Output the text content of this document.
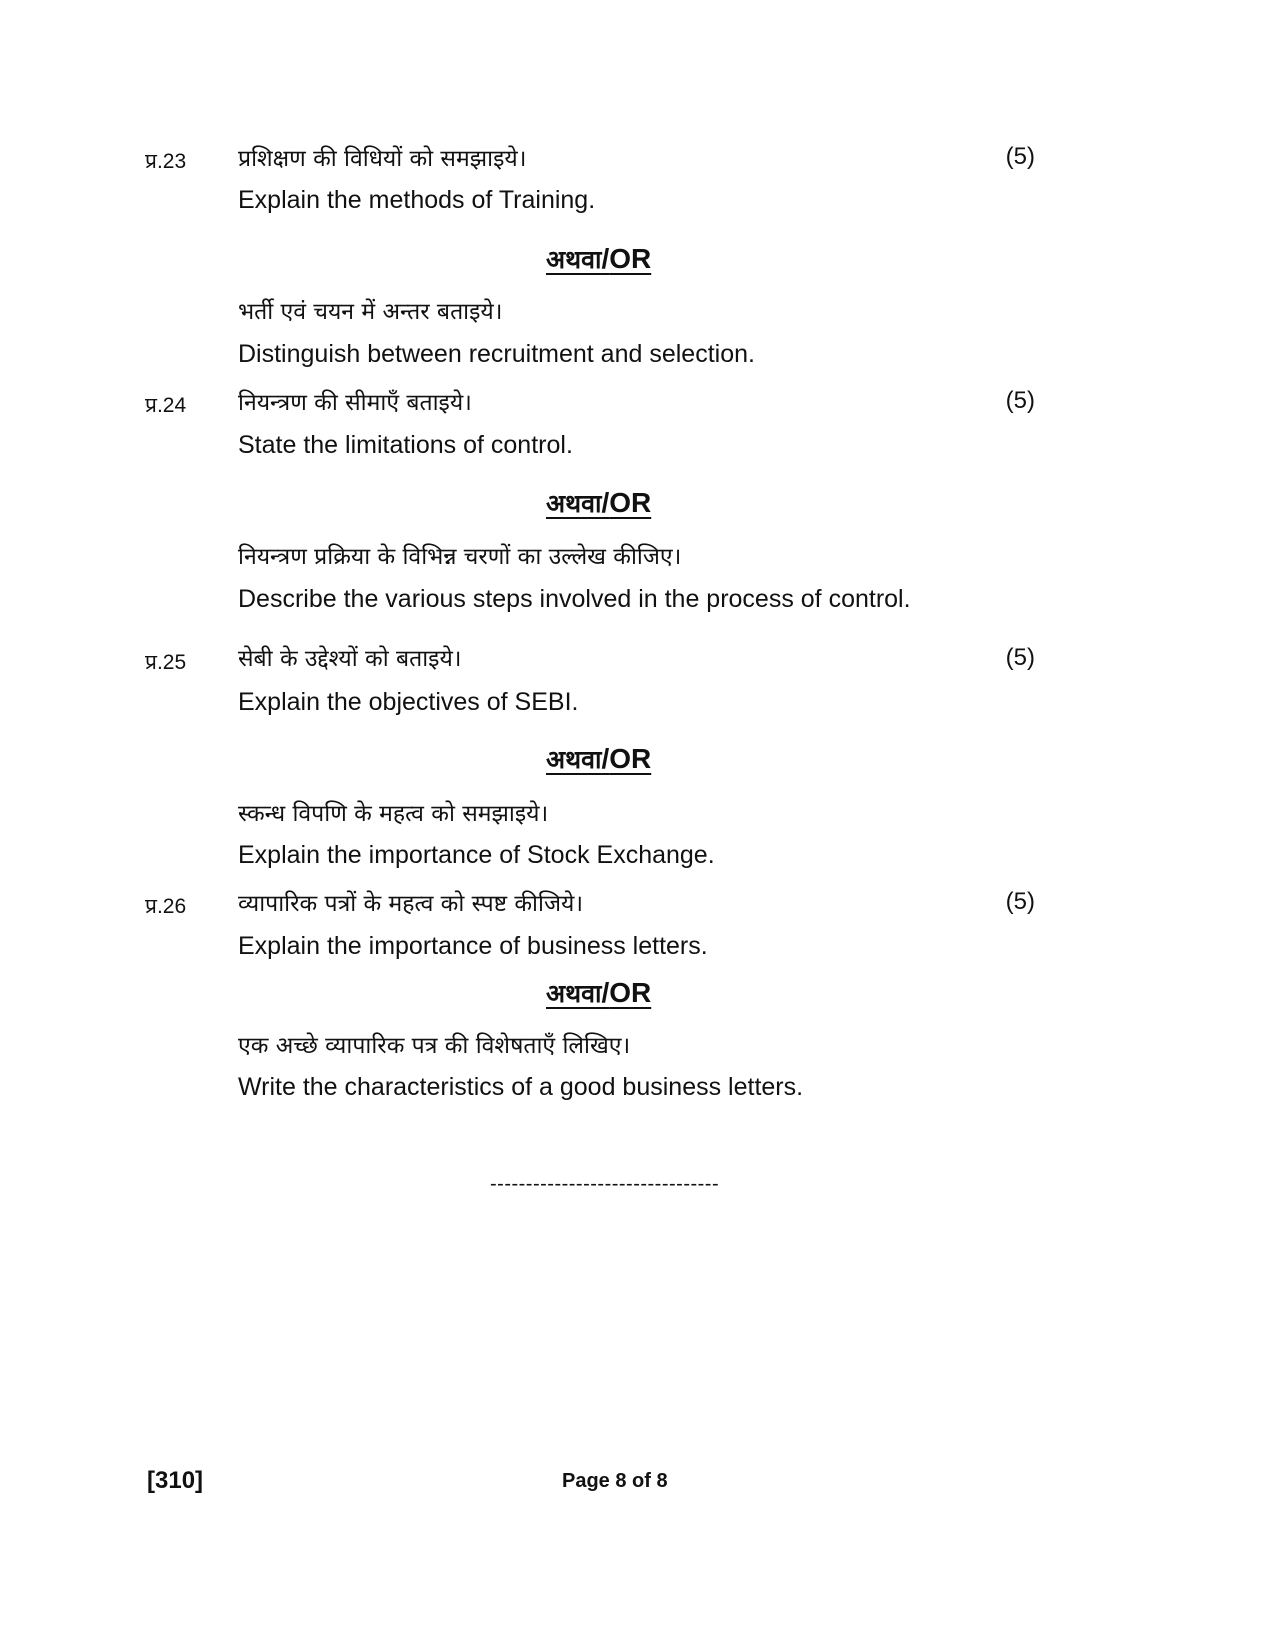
प्र.23 प्रशिक्षण की विधियों को समझाइये।	(5)
Explain the methods of Training.
अथवा/OR
भर्ती एवं चयन में अन्तर बताइये।
Distinguish between recruitment and selection.
प्र.24 नियन्त्रण की सीमाएँ बताइये।	(5)
State the limitations of control.
अथवा/OR
नियन्त्रण प्रक्रिया के विभिन्न चरणों का उल्लेख कीजिए।
Describe the various steps involved in the process of control.
प्र.25 सेबी के उद्देश्यों को बताइये।	(5)
Explain the objectives of SEBI.
अथवा/OR
स्कन्ध विपणि के महत्व को समझाइये।
Explain the importance of Stock Exchange.
प्र.26 व्यापारिक पत्रों के महत्व को स्पष्ट कीजिये।	(5)
Explain the importance of business letters.
अथवा/OR
एक अच्छे व्यापारिक पत्र की विशेषताएँ लिखिए।
Write the characteristics of a good business letters.
--------------------------------
[310]	Page 8 of 8
